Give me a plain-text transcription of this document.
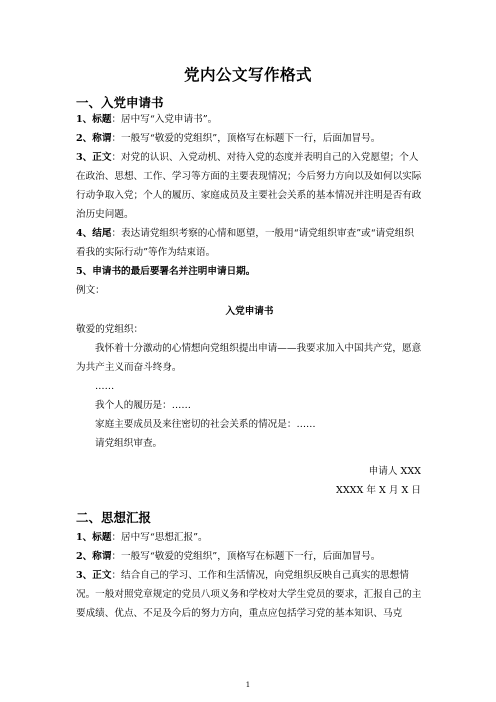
党内公文写作格式
一、入党申请书
1、标题：居中写“入党申请书”。
2、称谓：一般写“敬爱的党组织”，顶格写在标题下一行，后面加冒号。
3、正文：对党的认识、入党动机、对待入党的态度并表明自己的入党愿望；个人在政治、思想、工作、学习等方面的主要表现情况；今后努力方向以及如何以实际行动争取入党；个人的履历、家庭成员及主要社会关系的基本情况并注明是否有政治历史问题。
4、结尾：表达请党组织考察的心情和愿望，一般用“请党组织审查”或“请党组织看我的实际行动”等作为结束语。
5、申请书的最后要署名并注明申请日期。
例文：
入党申请书
敬爱的党组织：
我怀着十分激动的心情想向党组织提出申请——我要求加入中国共产党，愿意为共产主义而奋斗终身。
……
我个人的履历是：……
家庭主要成员及来往密切的社会关系的情况是：……
请党组织审查。
申请人 XXX
XXXX 年 X 月 X 日
二、思想汇报
1、标题：居中写“思想汇报”。
2、称谓：一般写“敬爱的党组织”，顶格写在标题下一行，后面加冒号。
3、正文：结合自己的学习、工作和生活情况，向党组织反映自己真实的思想情况。一般对照党章规定的党员八项义务和学校对大学生党员的要求，汇报自己的主要成绩、优点、不足及今后的努力方向，重点应包括学习党的基本知识、马克
1
